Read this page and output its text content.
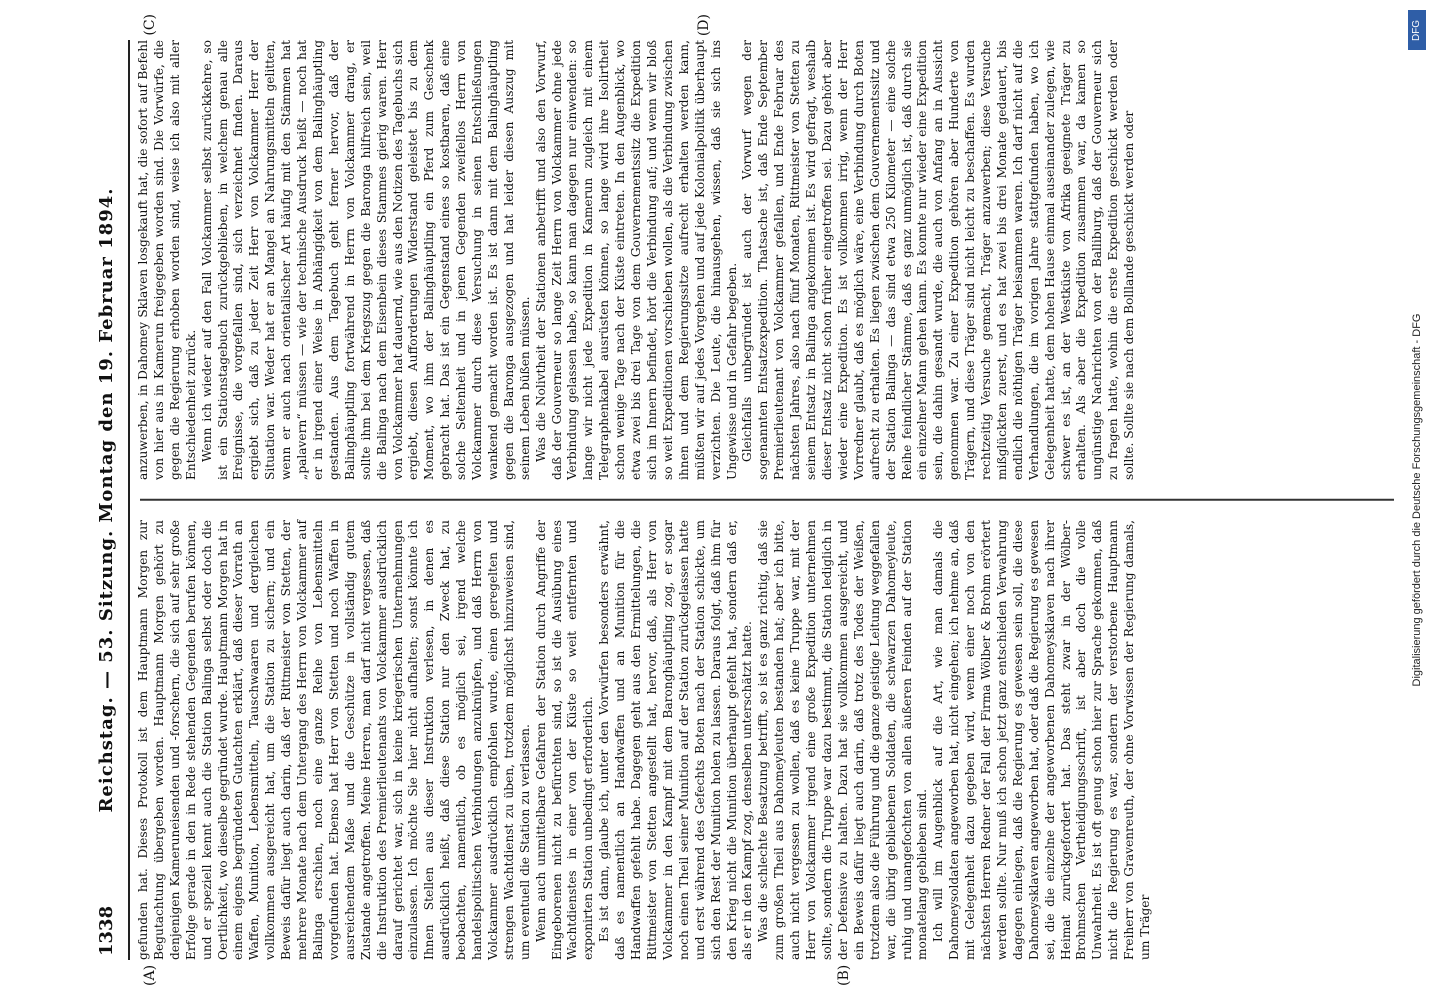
1338
Reichstag. — 53. Sitzung. Montag den 19. Februar 1894.
(A)	(B)
(C)	(D)

gefunden hat. Dieses Protokoll ist dem Hauptmann Morgen zur Begutachtung übergeben worden. Hauptmann Morgen gehört zu denjenigen Kameruneisenden und -forschern, die sich auf sehr große Erfolge gerade in den in Rede stehenden Gegenden berufen können, und er speziell kennt auch die Station Balinga selbst oder doch die Oertlichkeit, wo dieselbe gegründet wurde. Hauptmann Morgen hat in einem eigens begründeten Gutachten erklärt, daß dieser Vorrath an Waffen, Munition, Lebensmitteln, Tauschwaaren und dergleichen vollkommen ausgereicht hat, um die Station zu sichern; und ein Beweis dafür liegt auch darin, daß der Rittmeister von Stetten, der mehrere Monate nach dem Untergang des Herrn von Volckammer auf Balinga erschien, noch eine ganze Reihe von Lebensmitteln vorgefunden hat. Ebenso hat Herr von Stetten und noch Waffen in ausreichendem Maße und die Geschütze in vollständig gutem Zustande angetroffen. Meine Herren, man darf nicht vergessen, daß die Instruktion des Premierlieutenants von Volckammer ausdrücklich darauf gerichtet war, sich in keine kriegerischen Unternehmungen einzulassen. Ich möchte Sie hier nicht aufhalten; sonst könnte ich Ihnen Stellen aus dieser Instruktion verlesen, in denen es ausdrücklich heißt, daß diese Station nur den Zweck hat, zu beobachten, namentlich, ob es möglich sei, irgend welche handelspolitischen Verbindungen anzuknüpfen, und daß Herrn von Volckammer ausdrücklich empfohlen wurde, einen geregelten und strengen Wachtdienst zu üben, trotzdem möglichst hinzuweisen sind, um eventuell die Station zu verlassen. Wenn auch unmittelbare Gefahren der Station durch Angriffe der Eingeborenen nicht zu befürchten sind, so ist die Ausübung eines Wachtdienstes in einer von der Küste so weit entfernten und exponirten Station unbedingt erforderlich. Es ist dann, glaube ich, unter den Vorwürfen besonders erwähnt, daß es namentlich an Handwaffen und an Munition für die Handwaffen gefehlt habe. Dagegen geht aus den Ermittelungen, die Rittmeister von Stetten angestellt hat, hervor, daß, als Herr von Volckammer in den Kampf mit dem Baronghäuptling zog, er sogar noch einen Theil seiner Munition auf der Station zurückgelassen hatte und erst während des Gefechts Boten nach der Station schickte, um sich den Rest der Munition holen zu lassen. Daraus folgt, daß ihm für den Krieg nicht die Munition überhaupt gefehlt hat, sondern daß er, als er in den Kampf zog, denselben unterschätzt hatte. Was die schlechte Besatzung betrifft, so ist es ganz richtig, daß sie zum großen Theil aus Dahomeyleuten bestanden hat; aber ich bitte, auch nicht vergessen zu wollen, daß es keine Truppe war, mit der Herr von Volckammer irgend eine große Expedition unternehmen sollte, sondern die Truppe war dazu bestimmt, die Station lediglich in der Defensive zu halten. Dazu hat sie vollkommen ausgereicht, und ein Beweis dafür liegt auch darin, daß trotz des Todes der Weißen, trotzdem also die Führung und die ganze geistige Leitung weggefallen war, die übrig gebliebenen Soldaten, die schwarzen Dahomeyleute, ruhig und unangefochten von allen äußeren Feinden auf der Station monatelang geblieben sind. Ich will im Augenblick auf die Art, wie man damals die Dahomeysoldaten angeworben hat, nicht eingehen; ich nehme an, daß mit Gelegenheit dazu gegeben wird, wenn einer noch von den nächsten Herren Redner der Fall der Firma Wölber & Brohm erörtert werden sollte. Nur muß ich schon jetzt ganz entschieden Verwahrung dagegen einlegen, daß die Regierung es gewesen sein soll, die diese Dahomeysklaven angeworben hat, oder daß die Regierung es gewesen sei, die die einzelne der angeworbenen Dahomeysklaven nach ihrer Heimat zurückgefordert hat. Das steht zwar in der Wölber-Brohmschen Vertheidigungsschrift, ist aber doch die volle Unwahrheit. Es ist oft genug schon hier zur Sprache gekommen, daß nicht die Regierung es war, sondern der verstorbene Hauptmann Freiherr von Gravenreuth, der ohne Vorwissen der Regierung damals, um Träger

anzuwerben, in Dahomey Sklaven losgekauft hat, die sofort auf Befehl von hier aus in Kamerun freigegeben worden sind. Die Vorwürfe, die gegen die Regierung erhoben worden sind, weise ich also mit aller Entschiedenheit zurück. Wenn ich wieder auf den Fall Volckammer selbst zurückkehre, so ist ein Stationstagebuch zurückgeblieben, in welchem genau alle Ereignisse, die vorgefallen sind, sich verzeichnet finden. Daraus ergiebt sich, daß zu jeder Zeit Herr von Volckammer Herr der Situation war. Weder hat er an Mangel an Nahrungsmitteln gelitten, wenn er auch nach orientalischer Art häufig mit den Stämmen hat „palavern“ müssen — wie der technische Ausdruck heißt — noch hat er in irgend einer Weise in Abhängigkeit von dem Balinghäuptling gestanden. Aus dem Tagebuch geht ferner hervor, daß der Balinghäuptling fortwährend in Herrn von Volckammer drang, er sollte ihm bei dem Kriegszug gegen die Baronga hilfreich sein, weil die Balinga nach dem Eisenbein dieses Stammes gierig waren. Herr von Volckammer hat dauernd, wie aus den Notizen des Tagebuchs sich ergiebt, diesen Aufforderungen Widerstand geleistet bis zu dem Moment, wo ihm der Balinghäuptling ein Pferd zum Geschenk gebracht hat. Das ist ein Gegenstand eines so kostbaren, daß eine solche Seltenheit und in jenen Gegenden zweifellos Herrn von Volckammer durch diese Versuchung in seinen Entschließungen wankend gemacht worden ist. Es ist dann mit dem Balinghäuptling gegen die Baronga ausgezogen und hat leider diesen Auszug mit seinem Leben büßen müssen. Was die Nolivtheit der Stationen anbetrifft und also den Vorwurf, daß der Gouverneur so lange Zeit Herrn von Volckammer ohne jede Verbindung gelassen habe, so kann man dagegen nur einwenden: so lange wir nicht jede Expedition in Kamerun zugleich mit einem Telegraphenkabel ausrüsten können, so lange wird ihre Isolirtheit schon wenige Tage nach der Küste eintreten. In den Augenblick, wo etwa zwei bis drei Tage von dem Gouvernementssitz die Expedition sich im Innern befindet, hört die Verbindung auf; und wenn wir bloß so weit Expeditionen vorschieben wollen, als die Verbindung zwischen ihnen und dem Regierungssitze aufrecht erhalten werden kann, müßten wir auf jedes Vorgehen und auf jede Kolonialpolitik überhaupt verzichten. Die Leute, die hinausgehen, wissen, daß sie sich ins Ungewisse und in Gefahr begeben. Gleichfalls unbegründet ist auch der Vorwurf wegen der sogenannten Entsatzexpedition. Thatsache ist, daß Ende September Premierlieutenant von Volckammer gefallen, und Ende Februar des nächsten Jahres, also nach fünf Monaten, Rittmeister von Stetten zu seinem Entsatz in Balinga angekommen ist. Es wird gefragt, weshalb dieser Entsatz nicht schon früher eingetroffen sei. Dazu gehört aber wieder eine Expedition. Es ist vollkommen irrig, wenn der Herr Vorredner glaubt, daß es möglich wäre, eine Verbindung durch Boten aufrecht zu erhalten. Es liegen zwischen dem Gouvernementssitz und der Station Balinga — das sind etwa 250 Kilometer — eine solche Reihe feindlicher Stämme, daß es ganz unmöglich ist, daß durch sie ein einzelner Mann gehen kann. Es konnte nur wieder eine Expedition sein, die dahin gesandt wurde, die auch von Anfang an in Aussicht genommen war. Zu einer Expedition gehören aber Hunderte von Trägern, und diese Träger sind nicht leicht zu beschaffen. Es wurden rechtzeitig Versuche gemacht, Träger anzuwerben; diese Versuche mißglückten zuerst, und es hat zwei bis drei Monate gedauert, bis endlich die nöthigen Träger beisammen waren. Ich darf nicht auf die Verhandlungen, die im vorigen Jahre stattgefunden haben, wo ich Gelegenheit hatte, dem hohen Hause einmal auseinander zulegen, wie schwer es ist, an der Westküste von Afrika geeignete Träger zu erhalten. Als aber die Expedition zusammen war, da kamen so ungünstige Nachrichten von der Balliburg, daß der Gouverneur sich zu fragen hatte, wohin die erste Expedition geschickt werden oder sollte. Sollte sie nach dem Bolllande geschickt werden oder

Digitalisierung gefördert durch die Deutsche Forschungsgemeinschaft - DFG
DFG
